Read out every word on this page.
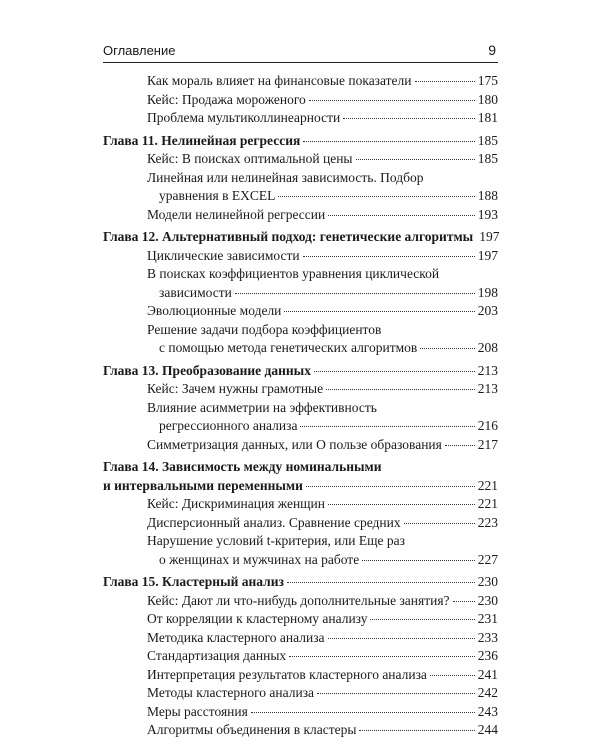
Оглавление	9
Как мораль влияет на финансовые показатели	175
Кейс: Продажа мороженого	180
Проблема мультиколлинеарности	181
Глава 11. Нелинейная регрессия	185
Кейс: В поисках оптимальной цены	185
Линейная или нелинейная зависимость. Подбор
уравнения в EXCEL	188
Модели нелинейной регрессии	193
Глава 12. Альтернативный подход: генетические алгоритмы 197
Циклические зависимости	197
В поисках коэффициентов уравнения циклической
зависимости	198
Эволюционные модели	203
Решение задачи подбора коэффициентов
с помощью метода генетических алгоритмов	208
Глава 13. Преобразование данных	213
Кейс: Зачем нужны грамотные	213
Влияние асимметрии на эффективность
регрессионного анализа	216
Симметризация данных, или О пользе образования	217
Глава 14. Зависимость между номинальными
и интервальными переменными	221
Кейс: Дискриминация женщин	221
Дисперсионный анализ. Сравнение средних	223
Нарушение условий t-критерия, или Еще раз
о женщинах и мужчинах на работе	227
Глава 15. Кластерный анализ	230
Кейс: Дают ли что-нибудь дополнительные занятия? 230
От корреляции к кластерному анализу	231
Методика кластерного анализа	233
Стандартизация данных	236
Интерпретация результатов кластерного анализа	241
Методы кластерного анализа	242
Меры расстояния	243
Алгоритмы объединения в кластеры	244
